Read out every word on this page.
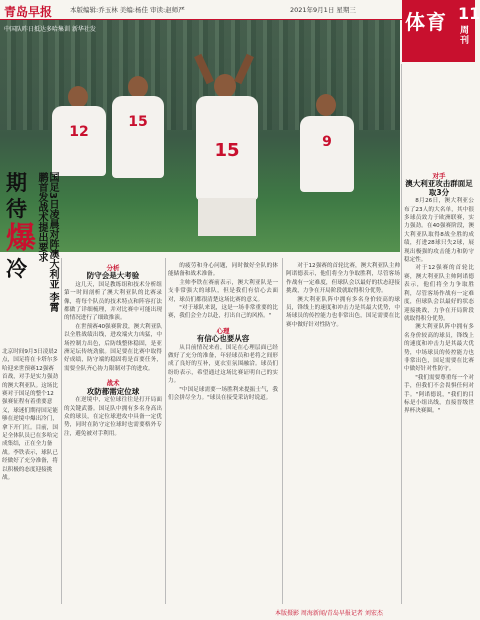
青岛早报	本版编辑:乔玉林 美编:杨佳 审读:赵师严	2021年9月1日 星期三 体育 11
周刊
中国队昨日抵达多哈集训 新华社发
12
15
15	9
期待
爆
冷	国足3日凌晨对阵澳大利亚 李霄鹏首发战术提出要求
北京时间9月3日凌晨2点，国足将在卡塔尔多哈迎来世预赛12强赛首战，对手是实力强劲的澳大利亚队。这场比赛对于国足的整个12强赛征程有着重要意义，球迷们期待国足能够在逆境中爆出冷门，拿下开门红。目前，国足全体队员已在多哈完成集结，正在全力备战。李铁表示，球队已经做好了充分准备，将以积极的态度迎接挑战。
分析
防守会是大考验
这几天，国足教练组和技术分析组第一时间剖析了澳大利亚队的比赛录像，将每个队员的技术特点和阵容打法都做了详细梳理，并对比赛中可能出现的情况进行了细致推演。
在世预赛40强赛阶段，澳大利亚队以全胜战绩出线，进攻端火力凶猛，中场控制力出色，后防线整体稳固，是亚洲足坛传统劲旅。国足要在比赛中取得好成绩，防守端的稳固将是首要任务，需要全队齐心协力限制对手的进攻。
战术
攻防都需定位球
在逆境中，定位球往往是打开局面的关键武器。国足队中拥有多名身高出众的球员，在定位球进攻中具备一定优势，同时在防守定位球时也需要格外专注，避免被对手利用。
的疲劳和身心问题，同时做好全队的体能储备和战术准备。
主帅李铁在赛前表示，澳大利亚队是一支非常强大的球队，但是我们有信心去面对，球员们都很清楚这场比赛的意义。
"对于球队来说，这是一场非常重要的比赛，我们会全力以赴，打出自己的风格。"
心理
有信心也要从容
从目前情况来看，国足在心理层面已经做好了充分的准备，年轻球员和老将之间形成了良好的互补，更衣室氛围融洽。球员们纷纷表示，希望通过这场比赛证明自己的实力。
"中国足球需要一场胜利来提振士气，我们会拼尽全力。"球员在接受采访时说道。
对手
澳大利亚攻击群面足取3分
8月26日，澳大利亚公布了23人的大名单，其中很多球员效力于欧洲联赛，实力强劲。在40强赛阶段，澳大利亚队取得8战全胜的成绩，打进28球只失2球，展现出极强的攻击能力和防守稳定性。
对于12强赛的首轮比赛，澳大利亚队主帅阿诺德表示，他们将全力争取胜利，尽管客场作战有一定难度，但球队会以最好的状态迎接挑战，力争在开局阶段就取得积分优势。
澳大利亚队阵中拥有多名身价较高的球员，锋线上的速度和冲击力是其最大优势，中场球员的传控能力也非常出色，国足需要在比赛中做好针对性防守。
"我们需要尊重每一个对手，但我们不会畏惧任何对手。"阿诺德说，"我们的目标是小组出线，直接晋级世界杯决赛圈。"
对于12强赛的首轮比赛，澳大利亚队主帅阿诺德表示，他们将全力争取胜利，尽管客场作战有一定难度，但球队会以最好的状态迎接挑战，力争在开局阶段就取得积分优势。
澳大利亚队阵中拥有多名身价较高的球员，锋线上的速度和冲击力是其最大优势，中场球员的传控能力也非常出色，国足需要在比赛中做好针对性防守。
本版摄影 周海新闻/青岛早报记者 刘宏杰
